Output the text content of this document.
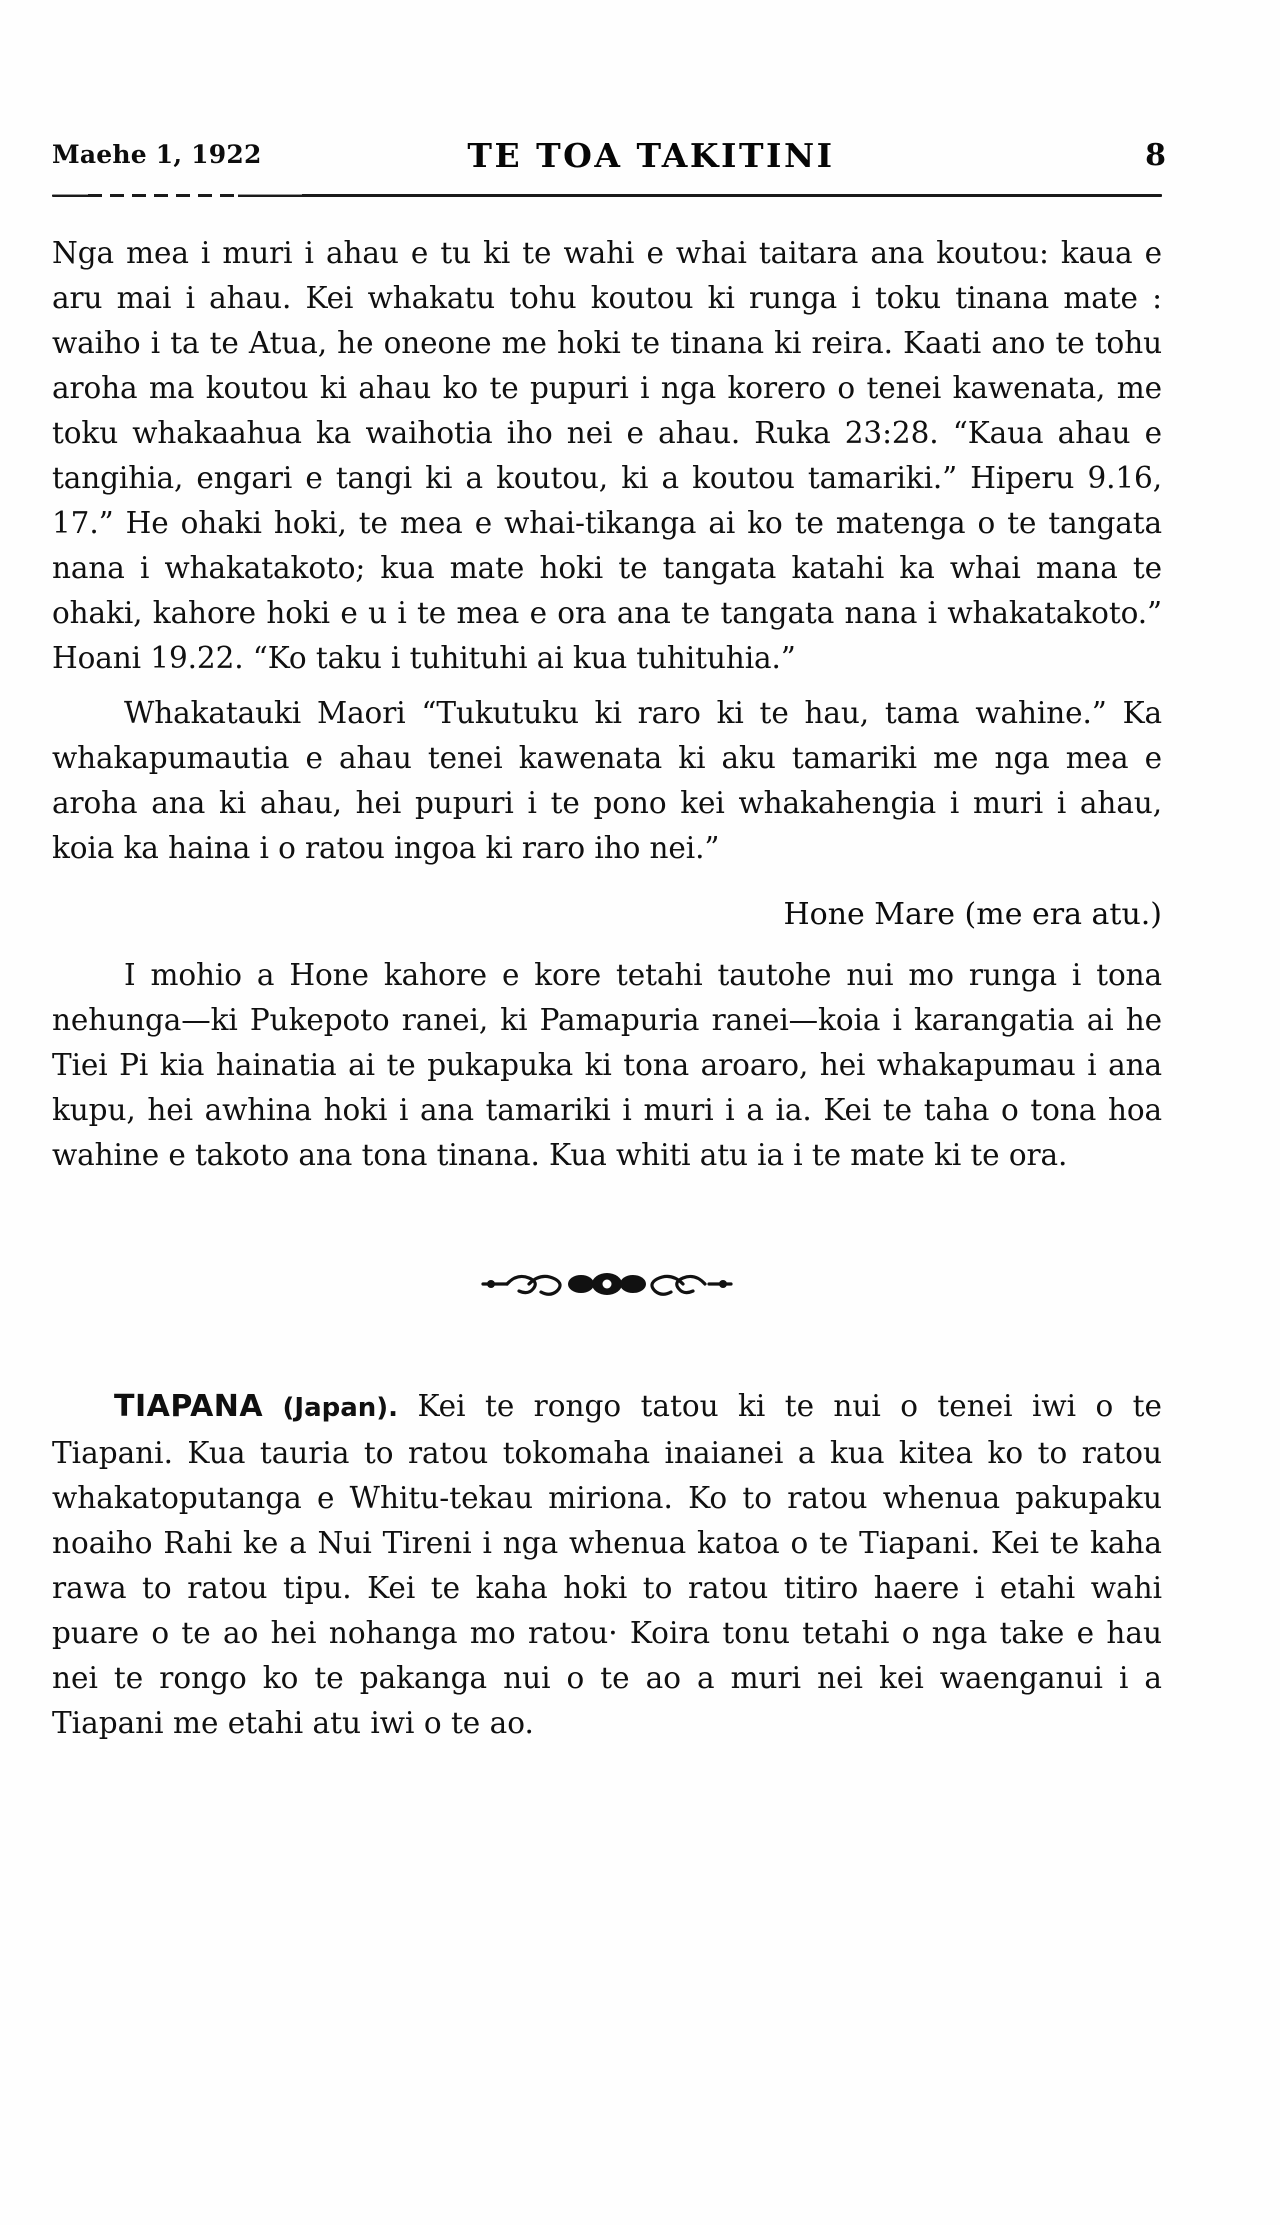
Maehe 1, 1922	TE TOA TAKITINI	8

Nga mea i muri i ahau e tu ki te wahi e whai taitara ana koutou: kaua e aru mai i ahau. Kei whakatu tohu koutou ki runga i toku tinana mate : waiho i ta te Atua, he oneone me hoki te tinana ki reira. Kaati ano te tohu aroha ma koutou ki ahau ko te pupuri i nga korero o tenei kawenata, me toku whakaahua ka waihotia iho nei e ahau. Ruka 23:28. “Kaua ahau e tangihia, engari e tangi ki a koutou, ki a koutou tamariki.” Hiperu 9.16, 17.” He ohaki hoki, te mea e whai-tikanga ai ko te matenga o te tangata nana i whakatakoto; kua mate hoki te tangata katahi ka whai mana te ohaki, kahore hoki e u i te mea e ora ana te tangata nana i whakatakoto.” Hoani 19.22. “Ko taku i tuhituhi ai kua tuhituhia.”

Whakatauki Maori “Tukutuku ki raro ki te hau, tama wahine.” Ka whakapumautia e ahau tenei kawenata ki aku tamariki me nga mea e aroha ana ki ahau, hei pupuri i te pono kei whakahengia i muri i ahau, koia ka haina i o ratou ingoa ki raro iho nei.”

Hone Mare (me era atu.)

I mohio a Hone kahore e kore tetahi tautohe nui mo runga i tona nehunga—ki Pukepoto ranei, ki Pamapuria ranei—koia i karangatia ai he Tiei Pi kia hainatia ai te pukapuka ki tona aroaro, hei whakapumau i ana kupu, hei awhina hoki i ana tamariki i muri i a ia. Kei te taha o tona hoa wahine e takoto ana tona tinana. Kua whiti atu ia i te mate ki te ora.

TIAPANA (Japan). Kei te rongo tatou ki te nui o tenei iwi o te Tiapani. Kua tauria to ratou tokomaha inaianei a kua kitea ko to ratou whakatoputanga e Whitu-tekau miriona. Ko to ratou whenua pakupaku noaiho Rahi ke a Nui Tireni i nga whenua katoa o te Tiapani. Kei te kaha rawa to ratou tipu. Kei te kaha hoki to ratou titiro haere i etahi wahi puare o te ao hei nohanga mo ratou· Koira tonu tetahi o nga take e hau nei te rongo ko te pakanga nui o te ao a muri nei kei waenganui i a Tiapani me etahi atu iwi o te ao.
